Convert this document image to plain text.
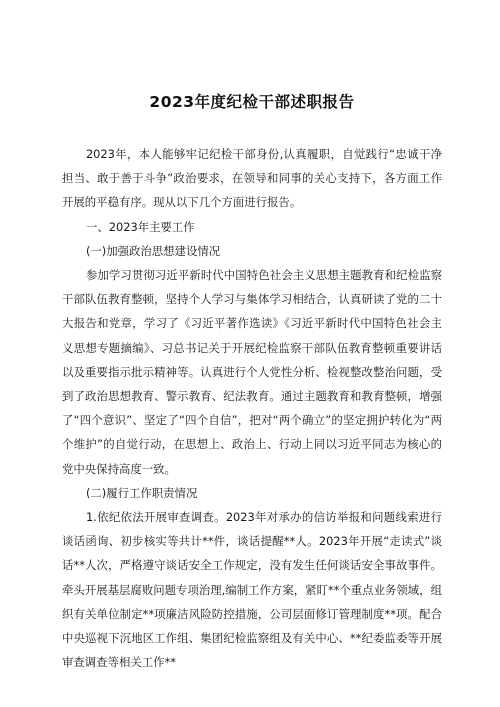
2023年度纪检干部述职报告

2023年，本人能够牢记纪检干部身份,认真履职，自觉践行“忠诚干净担当、敢于善于斗争”政治要求，在领导和同事的关心支持下，各方面工作开展的平稳有序。现从以下几个方面进行报告。

一、2023年主要工作

(一)加强政治思想建设情况

参加学习贯彻习近平新时代中国特色社会主义思想主题教育和纪检监察干部队伍教育整顿，坚持个人学习与集体学习相结合，认真研读了党的二十大报告和党章，学习了《习近平著作选读》《习近平新时代中国特色社会主义思想专题摘编》、习总书记关于开展纪检监察干部队伍教育整顿重要讲话以及重要指示批示精神等。认真进行个人党性分析、检视整改整治问题，受到了政治思想教育、警示教育、纪法教育。通过主题教育和教育整顿，增强了“四个意识”、坚定了“四个自信”，把对“两个确立”的坚定拥护转化为“两个维护”的自觉行动，在思想上、政治上、行动上同以习近平同志为核心的党中央保持高度一致。

(二)履行工作职责情况

1.依纪依法开展审查调查。2023年对承办的信访举报和问题线索进行谈话函询、初步核实等共计**件，谈话提醒**人。2023年开展“走读式”谈话**人次，严格遵守谈话安全工作规定，没有发生任何谈话安全事故事件。牵头开展基层腐败问题专项治理,编制工作方案，紧盯**个重点业务领域，组织有关单位制定**项廉洁风险防控措施，公司层面修订管理制度**项。配合中央巡视下沉地区工作组、集团纪检监察组及有关中心、**纪委监委等开展审查调查等相关工作**
